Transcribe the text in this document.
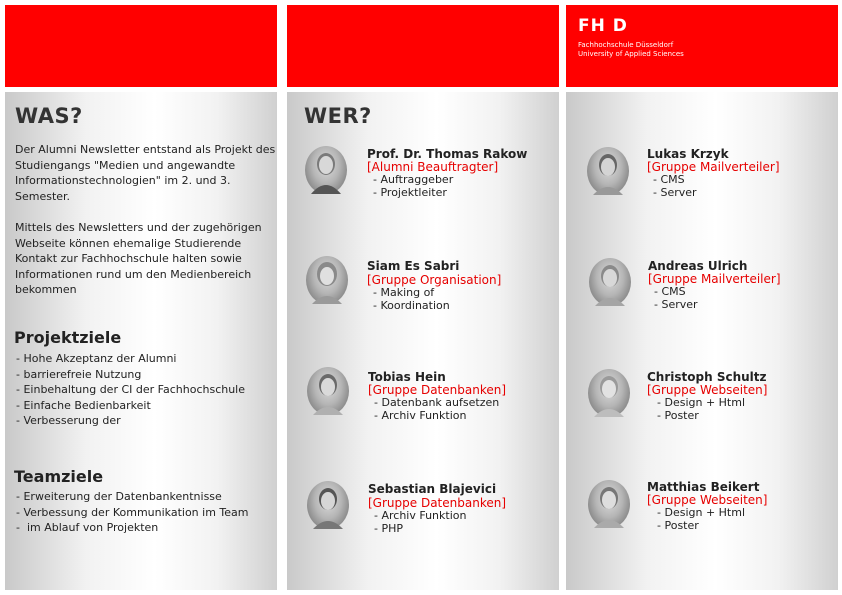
WAS?
Der Alumni Newsletter entstand als Projekt des Studiengangs "Medien und angewandte Informationstechnologien" im 2. und 3. Semester.
Mittels des Newsletters und der zugehörigen Webseite können ehemalige Studierende Kontakt zur Fachhochschule halten sowie Informationen rund um den Medienbereich bekommen
Projektziele
- Hohe Akzeptanz der Alumni
- barrierefreie Nutzung
- Einbehaltung der CI der Fachhochschule
- Einfache Bedienbarkeit
- Verbesserung der
Teamziele
- Erweiterung der Datenbankentnisse
- Verbessung der Kommunikation im Team
-  im Ablauf von Projekten
WER?
Prof. Dr. Thomas Rakow
[Alumni Beauftragter]
- Auftraggeber
- Projektleiter
Siam Es Sabri
[Gruppe Organisation]
- Making of
- Koordination
Tobias Hein
[Gruppe Datenbanken]
- Datenbank aufsetzen
- Archiv Funktion
Sebastian Blajevici
[Gruppe Datenbanken]
- Archiv Funktion
- PHP
FH D
Fachhochschule Düsseldorf
University of Applied Sciences
Lukas Krzyk
[Gruppe Mailverteiler]
- CMS
- Server
Andreas Ulrich
[Gruppe Mailverteiler]
- CMS
- Server
Christoph Schultz
[Gruppe Webseiten]
- Design + Html
- Poster
Matthias Beikert
[Gruppe Webseiten]
- Design + Html
- Poster
